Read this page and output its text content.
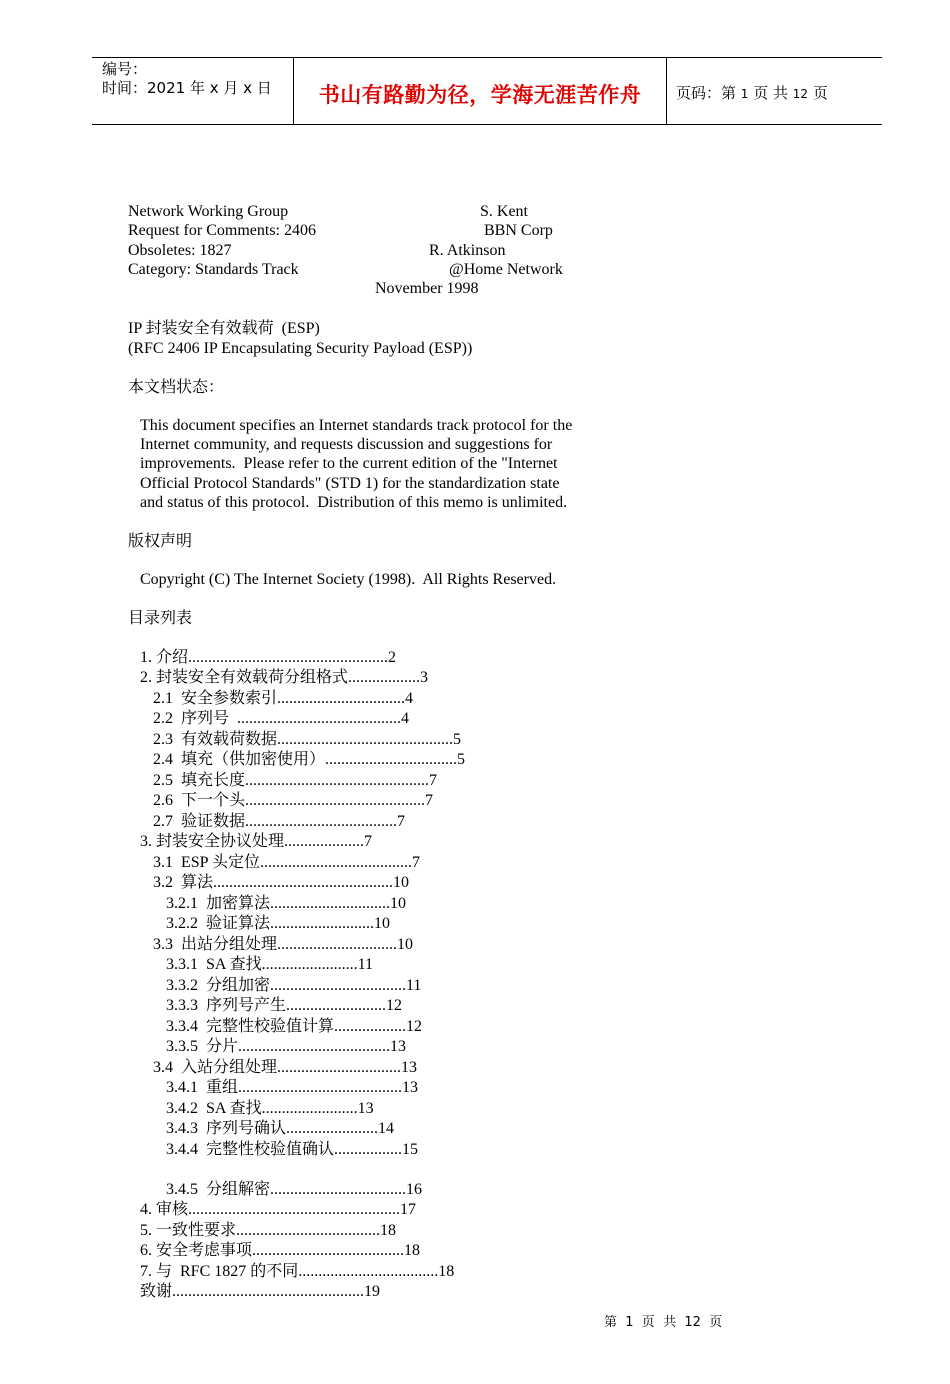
编号：
时间：2021 年 x 月 x 日	书山有路勤为径，学海无涯苦作舟	页码：第 1 页 共 12 页
Network Working Group
Request for Comments: 2406
Obsoletes: 1827
Category: Standards Track
S. Kent
BBN Corp
R. Atkinson
@Home Network
November 1998
IP 封装安全有效载荷  (ESP)
(RFC 2406 IP Encapsulating Security Payload (ESP))
本文档状态：
This document specifies an Internet standards track protocol for the
Internet community, and requests discussion and suggestions for
improvements.  Please refer to the current edition of the "Internet
Official Protocol Standards" (STD 1) for the standardization state
and status of this protocol.  Distribution of this memo is unlimited.
版权声明
Copyright (C) The Internet Society (1998).  All Rights Reserved.
目录列表
1. 介绍..................................................2
2. 封装安全有效载荷分组格式..................3
2.1  安全参数索引................................4
2.2  序列号  .........................................4
2.3  有效载荷数据............................................5
2.4  填充（供加密使用）.................................5
2.5  填充长度..............................................7
2.6  下一个头.............................................7
2.7  验证数据......................................7
3. 封装安全协议处理....................7
3.1  ESP 头定位......................................7
3.2  算法.............................................10
3.2.1  加密算法..............................10
3.2.2  验证算法..........................10
3.3  出站分组处理..............................10
3.3.1  SA 查找........................11
3.3.2  分组加密..................................11
3.3.3  序列号产生.........................12
3.3.4  完整性校验值计算..................12
3.3.5  分片......................................13
3.4  入站分组处理...............................13
3.4.1  重组.........................................13
3.4.2  SA 查找........................13
3.4.3  序列号确认.......................14
3.4.4  完整性校验值确认.................15
3.4.5  分组解密..................................16
4. 审核.....................................................17
5. 一致性要求....................................18
6. 安全考虑事项......................................18
7. 与  RFC 1827 的不同...................................18
致谢................................................19
第  1  页  共  12  页
